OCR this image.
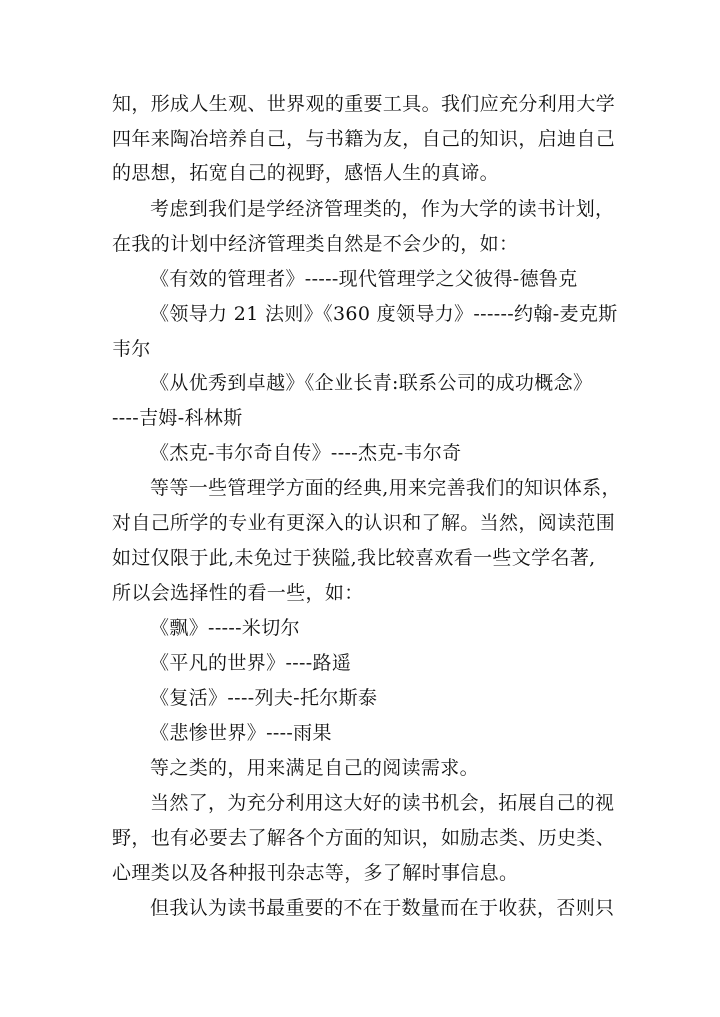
知，形成人生观、世界观的重要工具。我们应充分利用大学
四年来陶冶培养自己，与书籍为友，自己的知识，启迪自己
的思想，拓宽自己的视野，感悟人生的真谛。
考虑到我们是学经济管理类的，作为大学的读书计划，
在我的计划中经济管理类自然是不会少的，如：
《有效的管理者》-----现代管理学之父彼得-德鲁克
《领导力 21 法则》《360 度领导力》------约翰-麦克斯
韦尔
《从优秀到卓越》《企业长青:联系公司的成功概念》
----吉姆-科林斯
《杰克-韦尔奇自传》----杰克-韦尔奇
等等一些管理学方面的经典,用来完善我们的知识体系，
对自己所学的专业有更深入的认识和了解。当然，阅读范围
如过仅限于此,未免过于狭隘,我比较喜欢看一些文学名著,
所以会选择性的看一些，如：
《飘》-----米切尔
《平凡的世界》----路遥
《复活》----列夫-托尔斯泰
《悲惨世界》----雨果
等之类的，用来满足自己的阅读需求。
当然了，为充分利用这大好的读书机会，拓展自己的视
野，也有必要去了解各个方面的知识，如励志类、历史类、
心理类以及各种报刊杂志等，多了解时事信息。
但我认为读书最重要的不在于数量而在于收获，否则只
